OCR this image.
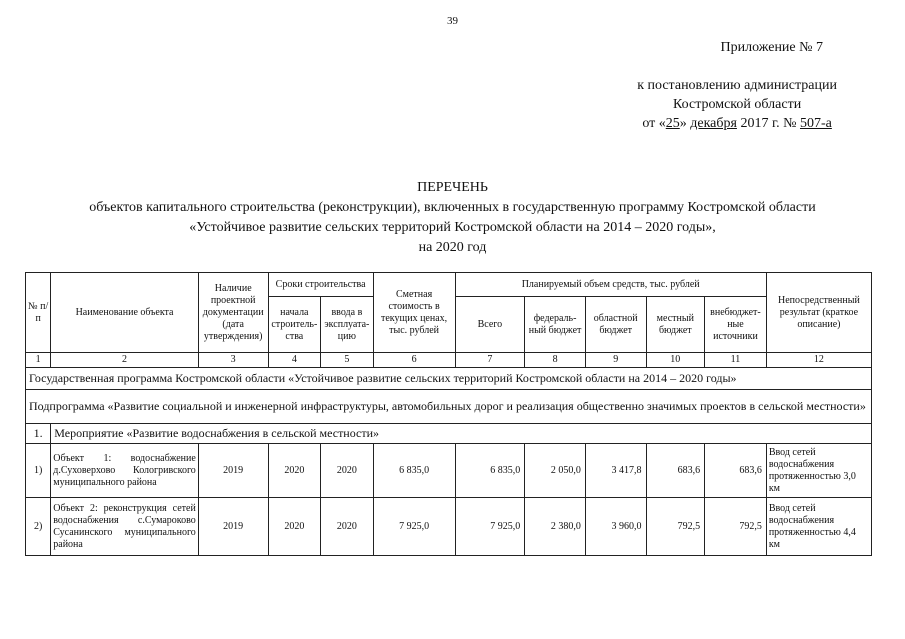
39
Приложение № 7
к постановлению администрации
Костромской области
от «25» декабря 2017 г. № 507-а
ПЕРЕЧЕНЬ
объектов капитального строительства (реконструкции), включенных в государственную программу Костромской области
«Устойчивое развитие сельских территорий Костромской области на 2014 – 2020 годы»,
на 2020 год
№ п/п	Наименование объекта	Наличие проектной документации (дата утверждения)	Сроки строительства		Сметная стоимость в текущих ценах, тыс. рублей	Планируемый объем средств, тыс. рублей					Непосредственный результат (краткое описание)
			начала строитель-ства	ввода в эксплуата-цию		Всего	федераль-ный бюджет	областной бюджет	местный бюджет	внебюджет-ные источники	
1	2	3	4	5	6	7	8	9	10	11	12
Государственная программа Костромской области «Устойчивое развитие сельских территорий Костромской области на 2014 – 2020 годы»											
Подпрограмма «Развитие социальной и инженерной инфраструктуры, автомобильных дорог и реализация общественно значимых проектов в сельской местности»											
1.	Мероприятие «Развитие водоснабжения в сельской местности»										
1)	Объект 1: водоснабжение д.Суховерхово Кологривского муниципального района	2019	2020	2020	6 835,0	6 835,0	2 050,0	3 417,8	683,6	683,6	Ввод сетей водоснабжения протяженностью 3,0 км
2)	Объект 2: реконструкция сетей водоснабжения с.Сумароково Сусанинского муниципального района	2019	2020	2020	7 925,0	7 925,0	2 380,0	3 960,0	792,5	792,5	Ввод сетей водоснабжения протяженностью 4,4 км
